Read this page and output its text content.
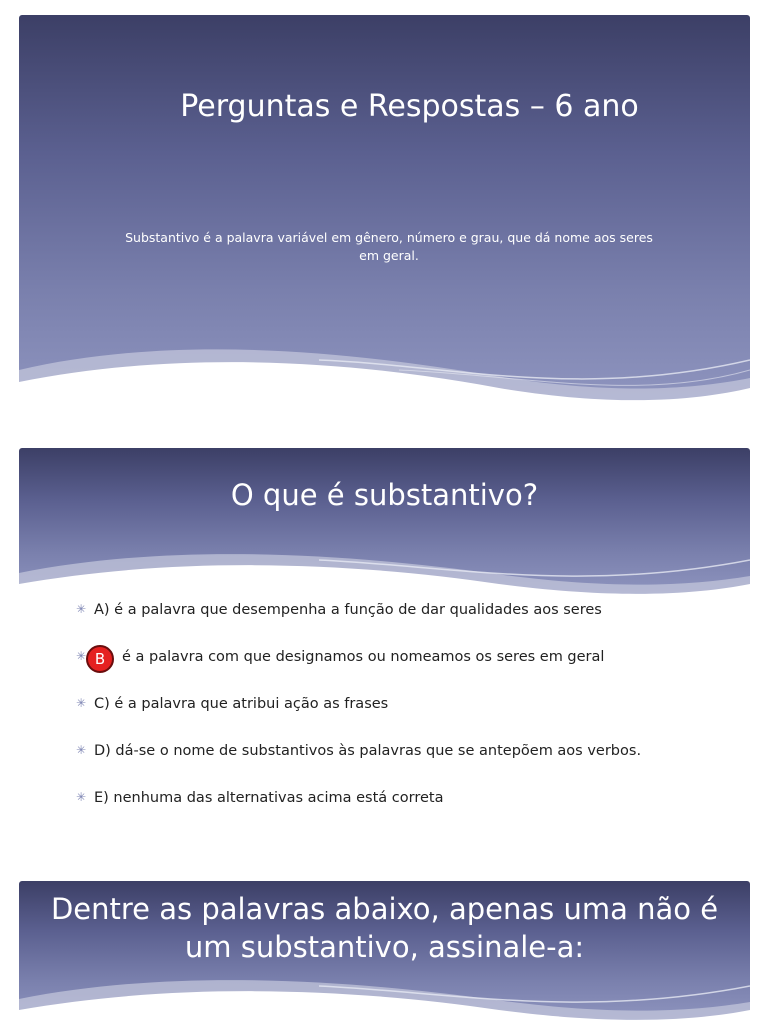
Perguntas e Respostas – 6 ano
Substantivo é a palavra variável em gênero, número e grau, que dá nome aos seres em geral.
O que é substantivo?
✳ A) é a palavra que desempenha a função de dar qualidades aos seres
✳ B	é a palavra com que designamos ou nomeamos os seres em geral
✳ C) é a palavra que atribui ação as frases
✳ D) dá-se o nome de substantivos às palavras que se antepõem aos verbos.
✳ E) nenhuma das alternativas acima está correta
Dentre as palavras abaixo, apenas uma não é um substantivo, assinale-a:
